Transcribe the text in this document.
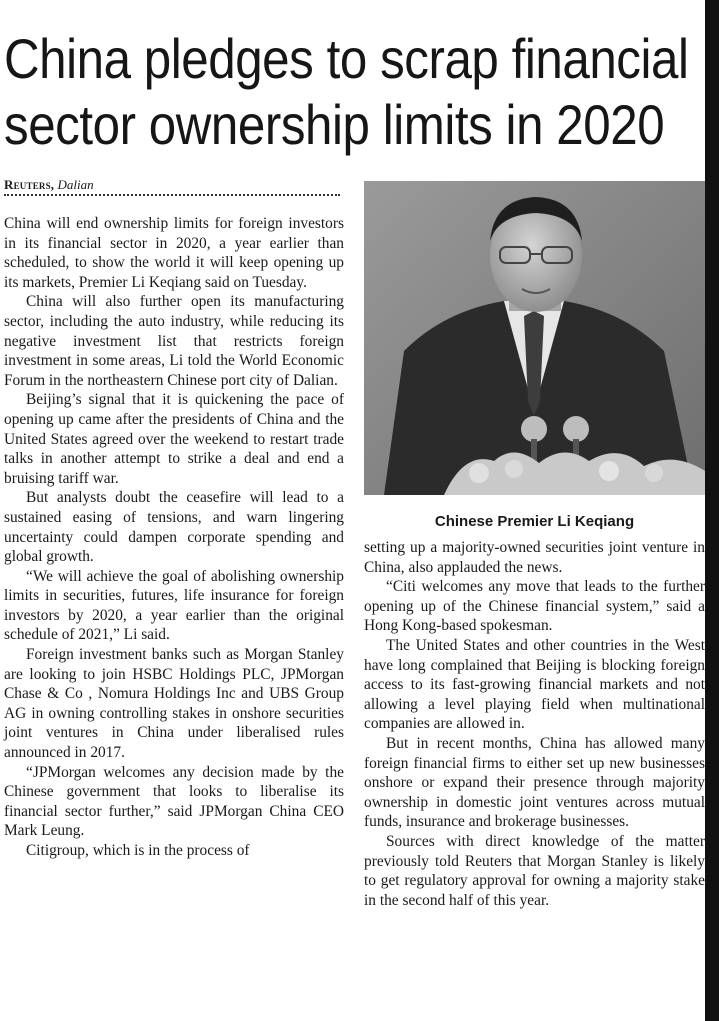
China pledges to scrap financial
sector ownership limits in 2020
Reuters, Dalian

China will end ownership limits for foreign investors in its financial sector in 2020, a year earlier than scheduled, to show the world it will keep opening up its markets, Premier Li Keqiang said on Tuesday.

China will also further open its manufacturing sector, including the auto industry, while reducing its negative investment list that restricts foreign investment in some areas, Li told the World Economic Forum in the northeastern Chinese port city of Dalian.

Beijing’s signal that it is quickening the pace of opening up came after the presidents of China and the United States agreed over the weekend to restart trade talks in another attempt to strike a deal and end a bruising tariff war.

But analysts doubt the ceasefire will lead to a sustained easing of tensions, and warn lingering uncertainty could dampen corporate spending and global growth.

“We will achieve the goal of abolishing ownership limits in securities, futures, life insurance for foreign investors by 2020, a year earlier than the original schedule of 2021,” Li said.

Foreign investment banks such as Morgan Stanley are looking to join HSBC Holdings PLC, JPMorgan Chase & Co , Nomura Holdings Inc and UBS Group AG in owning controlling stakes in onshore securities joint ventures in China under liberalised rules announced in 2017.

“JPMorgan welcomes any decision made by the Chinese government that looks to liberalise its financial sector further,” said JPMorgan China CEO Mark Leung.

Citigroup, which is in the process of

Chinese Premier Li Keqiang

setting up a majority-owned securities joint venture in China, also applauded the news.

“Citi welcomes any move that leads to the further opening up of the Chinese financial system,” said a Hong Kong-based spokesman.

The United States and other countries in the West have long complained that Beijing is blocking foreign access to its fast-growing financial markets and not allowing a level playing field when multinational companies are allowed in.

But in recent months, China has allowed many foreign financial firms to either set up new businesses onshore or expand their presence through majority ownership in domestic joint ventures across mutual funds, insurance and brokerage businesses.

Sources with direct knowledge of the matter previously told Reuters that Morgan Stanley is likely to get regulatory approval for owning a majority stake in the second half of this year.
